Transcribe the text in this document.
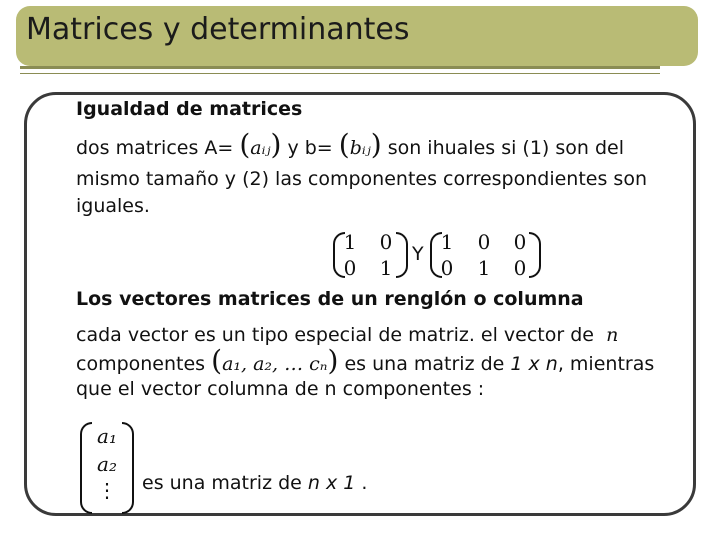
Matrices y determinantes
Igualdad de matrices
dos matrices A= (aᵢⱼ) y b= (bᵢⱼ) son ihuales si (1) son del
mismo tamaño y (2) las componentes correspondientes son
iguales.
1 0
0 1
Y 1 0 0
0 1 0
Los vectores matrices de un renglón o columna
cada vector es un tipo especial de matriz. el vector de n
componentes (a₁, a₂, … cₙ) es una matriz de 1 x n, mientras
que el vector columna de n componentes :
a₁
a₂
⋮ es una matriz de n x 1 .
